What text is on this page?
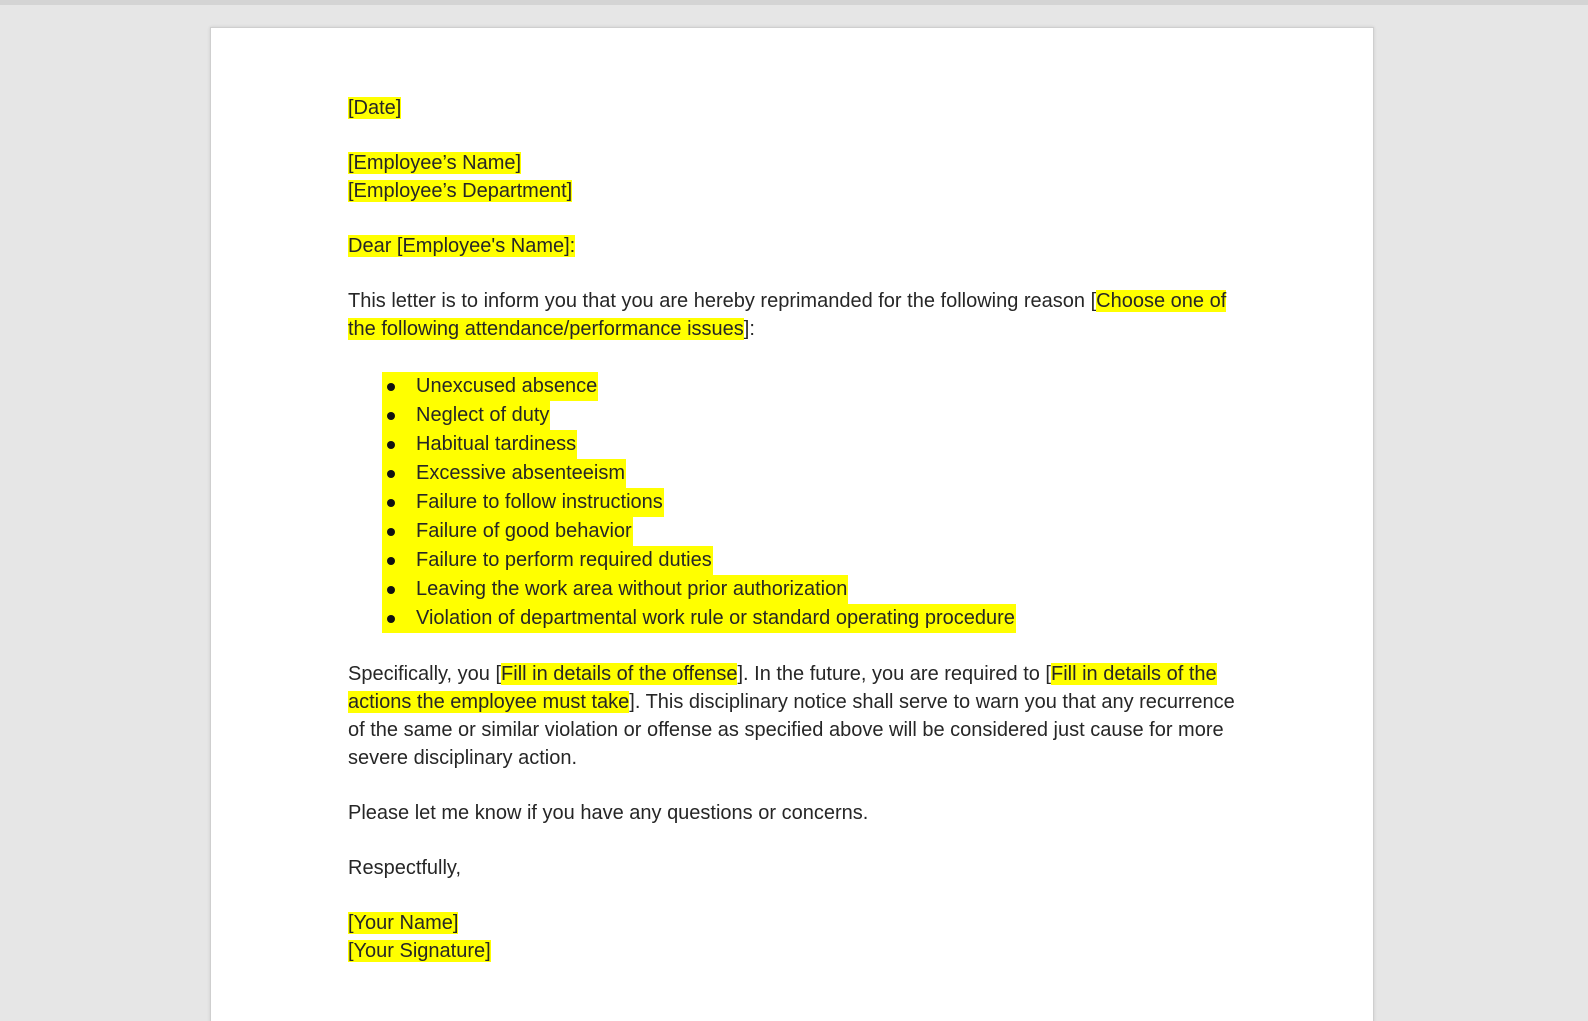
[Date]

[Employee’s Name]

[Employee’s Department]

Dear [Employee's Name]:

This letter is to inform you that you are hereby reprimanded for the following reason [Choose one of the following attendance/performance issues]:

Unexcused absence
Neglect of duty
Habitual tardiness
Excessive absenteeism
Failure to follow instructions
Failure of good behavior
Failure to perform required duties
Leaving the work area without prior authorization
Violation of departmental work rule or standard operating procedure

Specifically, you [Fill in details of the offense]. In the future, you are required to [Fill in details of the actions the employee must take]. This disciplinary notice shall serve to warn you that any recurrence of the same or similar violation or offense as specified above will be considered just cause for more severe disciplinary action.

Please let me know if you have any questions or concerns.

Respectfully,

[Your Name]

[Your Signature]
